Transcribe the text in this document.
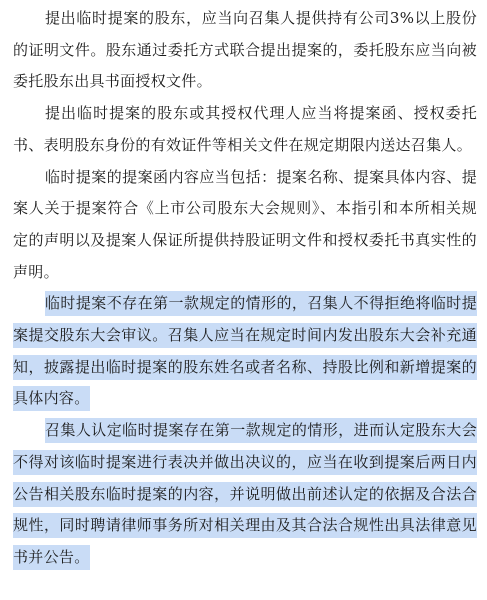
提出临时提案的股东，应当向召集人提供持有公司3%以上股份的证明文件。股东通过委托方式联合提出提案的，委托股东应当向被委托股东出具书面授权文件。

提出临时提案的股东或其授权代理人应当将提案函、授权委托书、表明股东身份的有效证件等相关文件在规定期限内送达召集人。

临时提案的提案函内容应当包括：提案名称、提案具体内容、提案人关于提案符合《上市公司股东大会规则》、本指引和本所相关规定的声明以及提案人保证所提供持股证明文件和授权委托书真实性的声明。

临时提案不存在第一款规定的情形的，召集人不得拒绝将临时提案提交股东大会审议。召集人应当在规定时间内发出股东大会补充通知，披露提出临时提案的股东姓名或者名称、持股比例和新增提案的具体内容。

召集人认定临时提案存在第一款规定的情形，进而认定股东大会不得对该临时提案进行表决并做出决议的，应当在收到提案后两日内公告相关股东临时提案的内容，并说明做出前述认定的依据及合法合规性，同时聘请律师事务所对相关理由及其合法合规性出具法律意见书并公告。
